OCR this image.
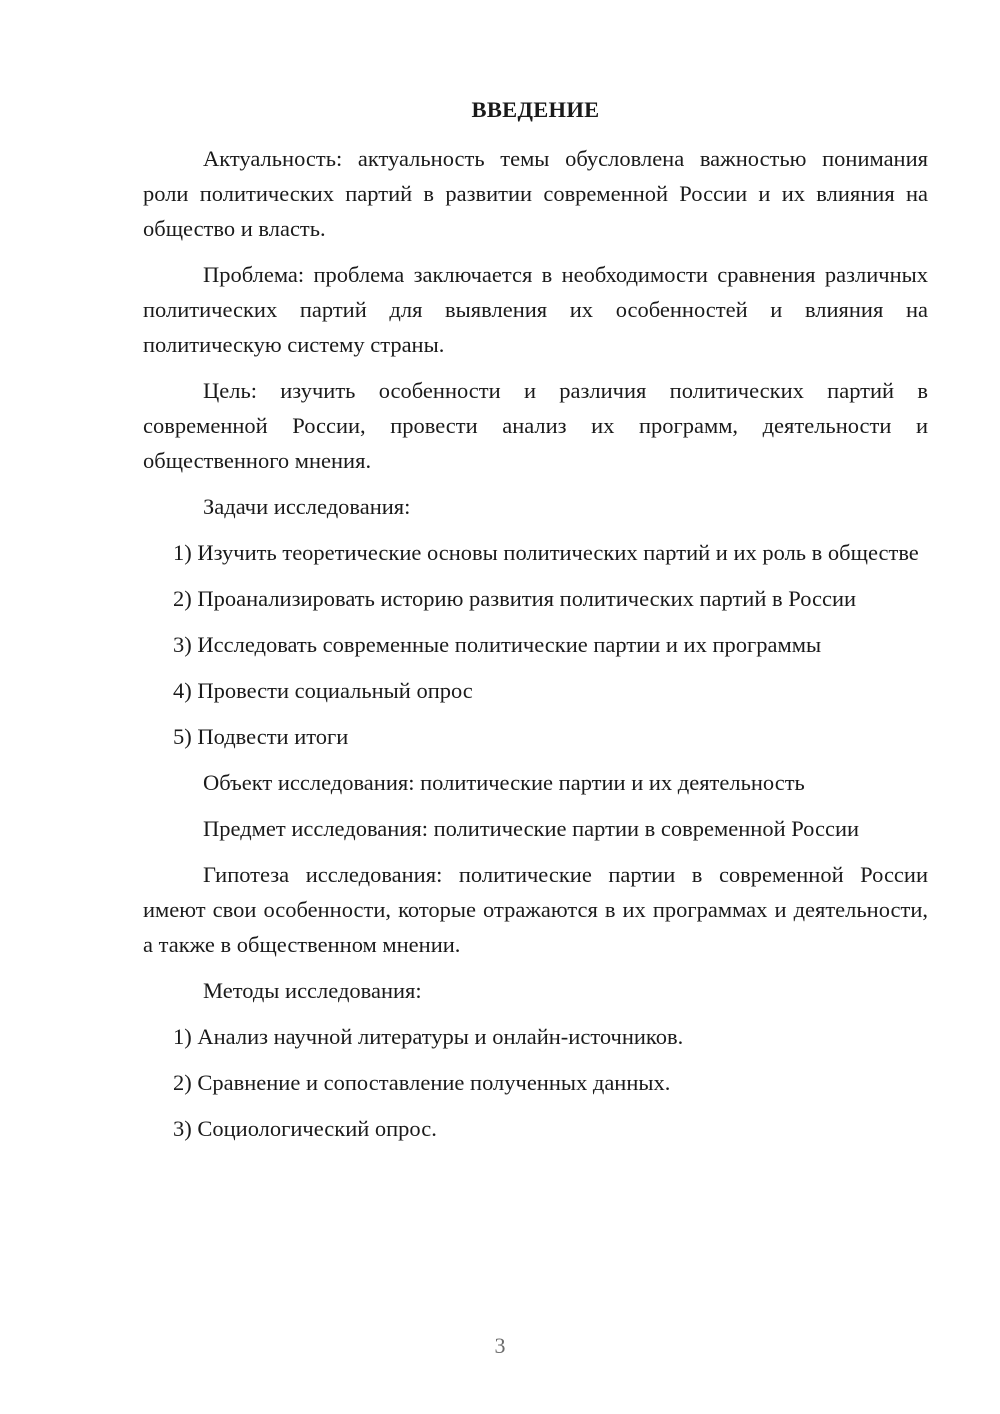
ВВЕДЕНИЕ

Актуальность: актуальность темы обусловлена важностью понимания роли политических партий в развитии современной России и их влияния на общество и власть.

Проблема: проблема заключается в необходимости сравнения различных политических партий для выявления их особенностей и влияния на политическую систему страны.

Цель: изучить особенности и различия политических партий в современной России, провести анализ их программ, деятельности и общественного мнения.

Задачи исследования:

1) Изучить теоретические основы политических партий и их роль в обществе

2) Проанализировать историю развития политических партий в России

3) Исследовать современные политические партии и их программы

4) Провести социальный опрос

5) Подвести итоги

Объект исследования: политические партии и их деятельность

Предмет исследования: политические партии в современной России

Гипотеза исследования: политические партии в современной России имеют свои особенности, которые отражаются в их программах и деятельности, а также в общественном мнении.

Методы исследования:

1) Анализ научной литературы и онлайн-источников.

2) Сравнение и сопоставление полученных данных.

3) Социологический опрос.

3
